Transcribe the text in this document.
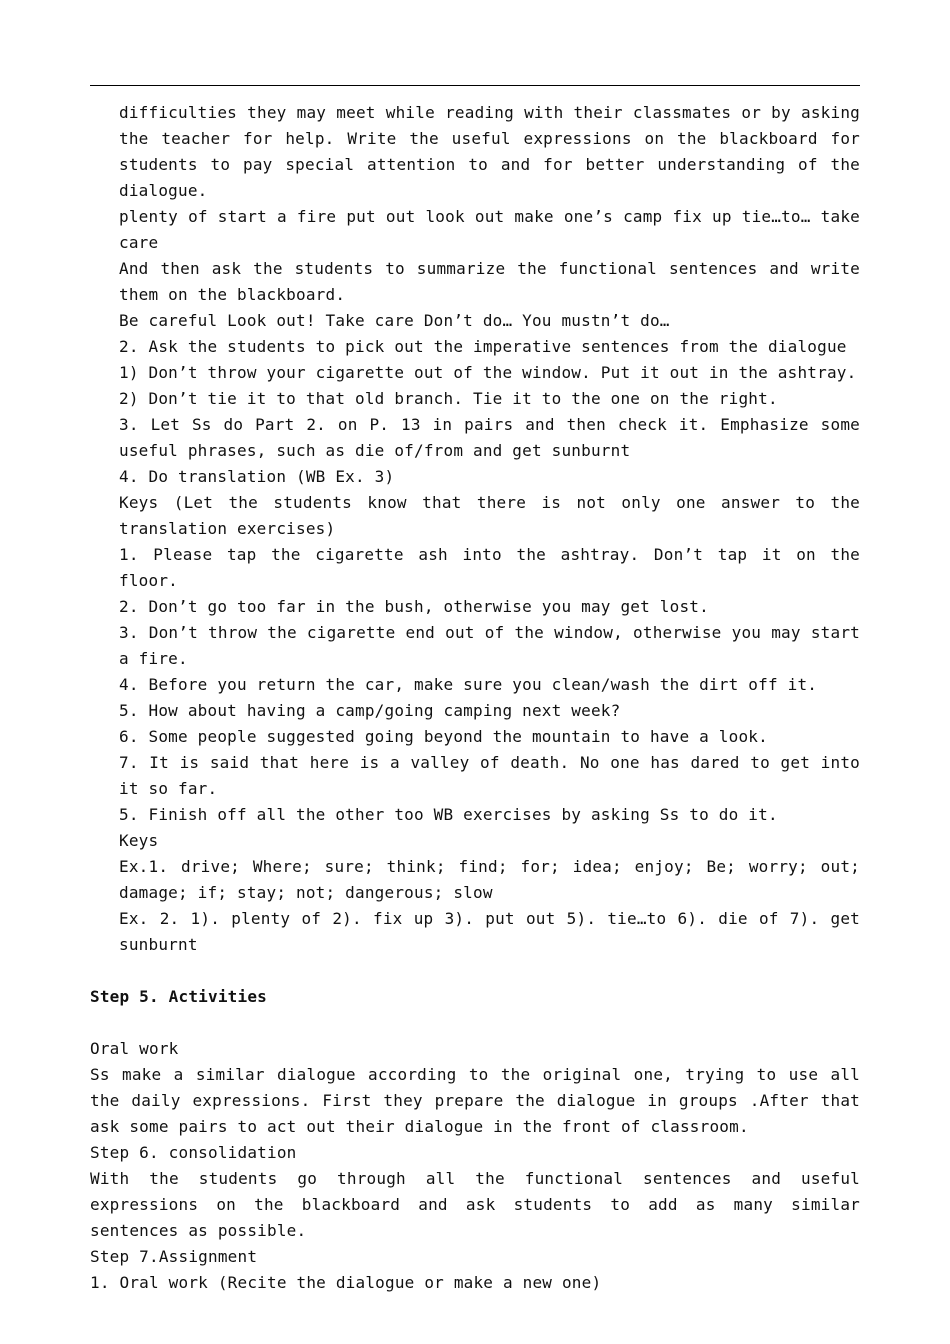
difficulties they may meet while reading with their classmates or by asking the teacher for help. Write the useful expressions on the blackboard for students to pay special attention to and for better understanding of the dialogue.

plenty of start a fire put out look out make one’s camp fix up tie…to… take care

And then ask the students to summarize the functional sentences and write them on the blackboard.

Be careful Look out! Take care Don’t do… You mustn’t do…

2. Ask the students to pick out the imperative sentences from the dialogue

1) Don’t throw your cigarette out of the window. Put it out in the ashtray.

2) Don’t tie it to that old branch. Tie it to the one on the right.

3. Let Ss do Part 2. on P. 13 in pairs and then check it. Emphasize some useful phrases, such as die of/from and get sunburnt

4. Do translation (WB Ex. 3)

Keys (Let the students know that there is not only one answer to the translation exercises)

1. Please tap the cigarette ash into the ashtray. Don’t tap it on the floor.

2. Don’t go too far in the bush, otherwise you may get lost.

3. Don’t throw the cigarette end out of the window, otherwise you may start a fire.

4. Before you return the car, make sure you clean/wash the dirt off it.

5. How about having a camp/going camping next week?

6. Some people suggested going beyond the mountain to have a look.

7. It is said that here is a valley of death. No one has dared to get into it so far.

5. Finish off all the other too WB exercises by asking Ss to do it.

Keys

Ex.1. drive; Where; sure; think; find; for; idea; enjoy; Be; worry; out; damage; if; stay; not; dangerous; slow

Ex. 2. 1). plenty of 2). fix up 3). put out 5). tie…to 6). die of 7). get sunburnt

Step 5. Activities

Oral work

Ss make a similar dialogue according to the original one, trying to use all the daily expressions. First they prepare the dialogue in groups .After that ask some pairs to act out their dialogue in the front of classroom.

Step 6. consolidation

With the students go through all the functional sentences and useful expressions on the blackboard and ask students to add as many similar sentences as possible.

Step 7.Assignment

1. Oral work (Recite the dialogue or make a new one)
